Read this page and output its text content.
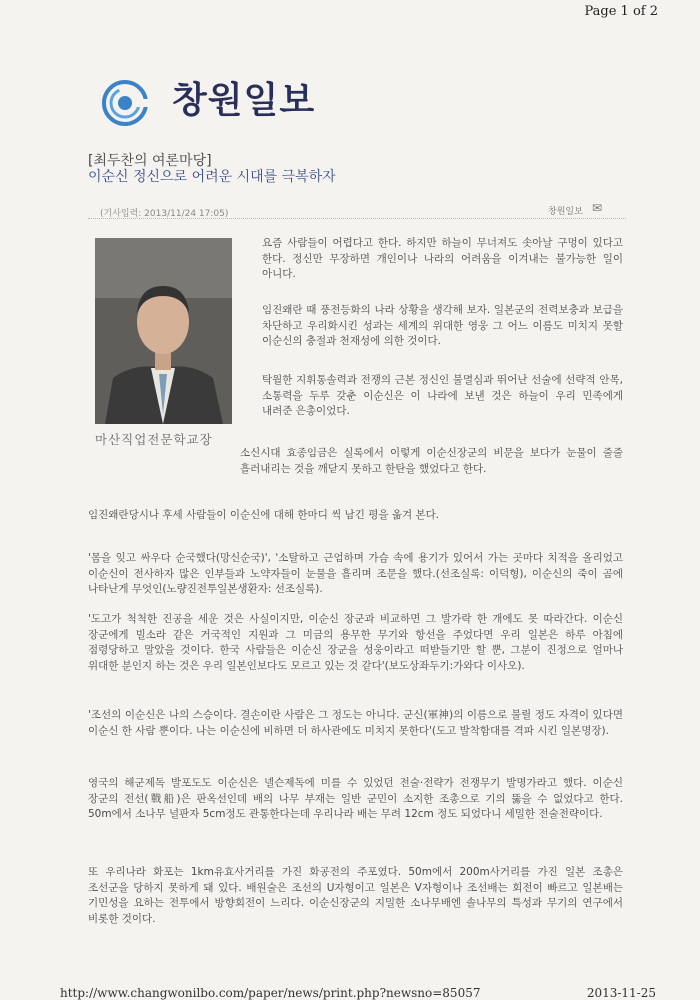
Page 1 of 2
창원일보
[최두찬의 여론마당]
이순신 정신으로 어려운 시대를 극복하자
(기사입력: 2013/11/24 17:05)	창원일보 ✉
마산직업전문학교장

요즘 사람들이 어렵다고 한다. 하지만 하늘이 무너져도 솟아날 구멍이 있다고 한다. 정신만 무장하면 개인이나 나라의 어려움을 이겨내는 불가능한 일이 아니다.

임진왜란 때 풍전등화의 나라 상황을 생각해 보자. 일본군의 전력보충과 보급을 차단하고 우리화시킨 성과는 세계의 위대한 영웅 그 어느 이름도 미치지 못할 이순신의 충절과 천재성에 의한 것이다.

탁월한 지휘통솔력과 전쟁의 근본 정신인 불멸심과 뛰어난 선술에 선략적 안목, 소통력을 두루 갖춘 이순신은 이 나라에 보낸 것은 하늘이 우리 민족에게 내려준 은총이었다.

소신시대 효종임금은 실록에서 이렇게 이순신장군의 비문을 보다가 눈물이 줄줄 흘러내리는 것을 깨닫지 못하고 한탄을 했었다고 한다.

임진왜란당시나 후세 사람들이 이순신에 대해 한마디 씩 남긴 평을 옮겨 본다.

'몸을 잊고 싸우다 순국했다(망신순국)', '소탈하고 근엄하며 가슴 속에 용기가 있어서 가는 곳마다 치적을 올리었고 이순신이 전사하자 많은 인부들과 노약자들이 눈물을 흘리며 조문을 했다.(선조실록: 이덕형), 이순신의 죽이 곰에 나타난게 무엇인(노량진전투일본생환자: 선조실록).

'도고가 척척한 진공을 세운 것은 사실이지만, 이순신 장군과 비교하면 그 발가락 한 개에도 못 따라간다. 이순신 장군에게 빌소라 같은 거국적인 지원과 그 미금의 용무한 무기와 항선을 주었다면 우리 일본은 하루 아침에 점령당하고 말았을 것이다. 한국 사람들은 이순신 장군을 성웅이라고 떠받들기만 할 뿐, 그분이 진정으로 얼마나 위대한 분인지 하는 것은 우리 일본인보다도 모르고 있는 것 같다'(보도상좌두기:가와다 이사오).

'조선의 이순신은 나의 스승이다. 결손이란 사람은 그 정도는 아니다. 군신(軍神)의 이름으로 불릴 정도 자격이 있다면 이순신 한 사람 뿐이다. 나는 이순신에 비하면 더 하사관에도 미치지 못한다'(도고 발착함대를 격파 시킨 일본명장).

영국의 해군제독 발포도도 이순신은 넬슨제독에 미를 수 있었던 전술·전략가 전쟁무기 발명가라고 했다. 이순신 장군의 전선(戰船)은 판옥선인데 배의 나무 부재는 일반 군민이 소지한 조총으로 기의 뚫을 수 없었다고 한다. 50m에서 소나무 널판자 5cm정도 관통한다는데 우리나라 배는 무려 12cm 정도 되었다니 세밀한 전술전략이다.

또 우리나라 화포는 1km유효사거리를 가진 화공전의 주포였다. 50m에서 200m사거리를 가진 일본 조총은 조선군을 당하지 못하게 돼 있다. 배원술은 조선의 U자형이고 일본은 V자형이나 조선배는 회전이 빠르고 일본배는 기민성을 요하는 전투에서 방향회전이 느리다. 이순신장군의 지밀한 소나무배엔 솔나무의 특성과 무기의 연구에서 비롯한 것이다.

http://www.changwonilbo.com/paper/news/print.php?newsno=85057	2013-11-25
